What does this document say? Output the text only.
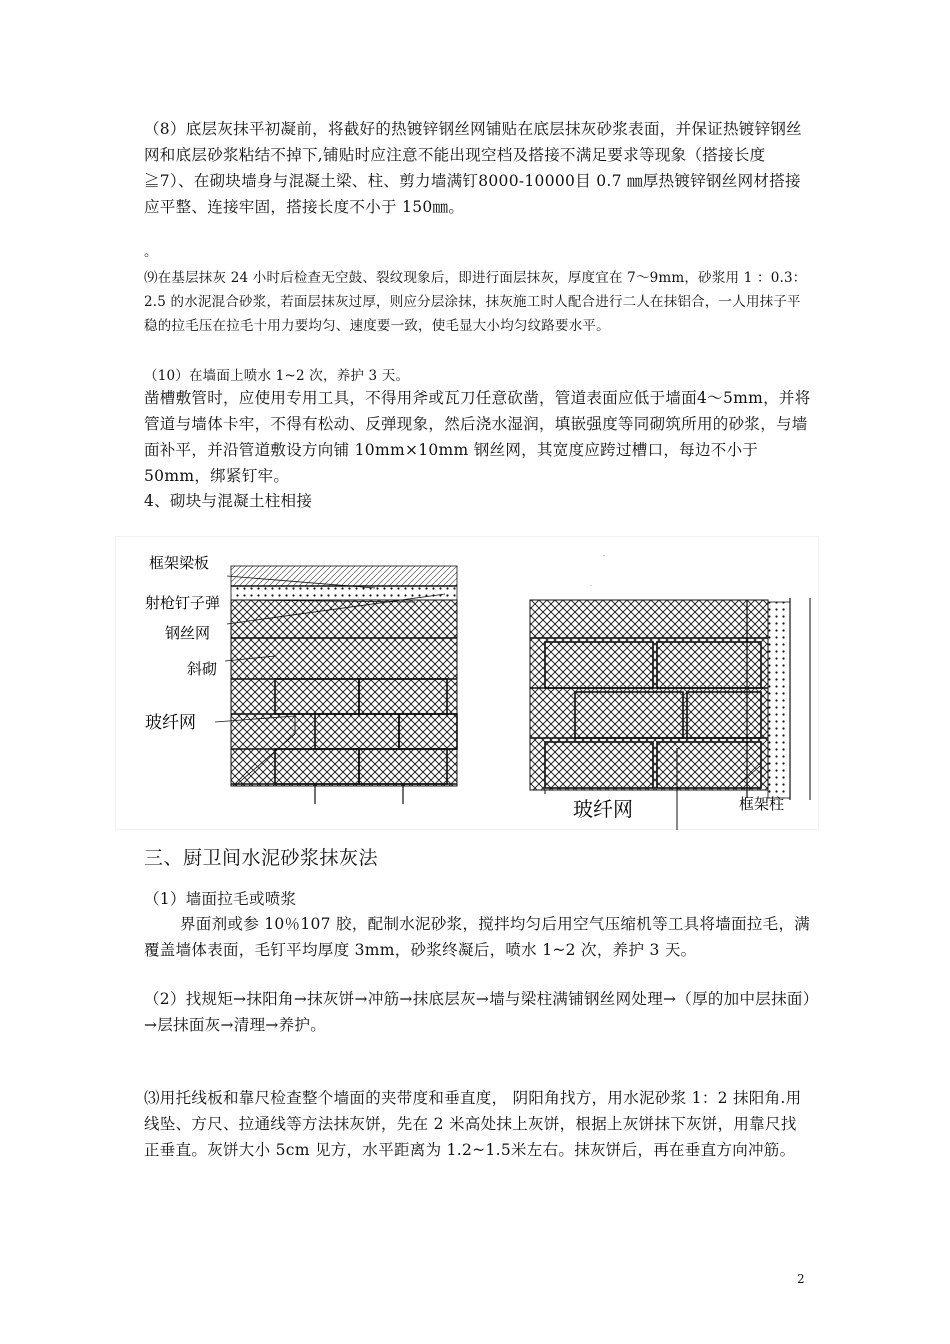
（8）底层灰抹平初凝前，将截好的热镀锌钢丝网铺贴在底层抹灰砂浆表面，并保证热镀锌钢丝网和底层砂浆粘结不掉下,铺贴时应注意不能出现空档及搭接不满足要求等现象（搭接长度≧7）、在砌块墙身与混凝土梁、柱、剪力墙满钉8000-10000目 0.7 ㎜厚热镀锌钢丝网材搭接应平整、连接牢固，搭接长度不小于 150㎜。

。

⑼在基层抹灰 24 小时后检查无空鼓、裂纹现象后，即进行面层抹灰，厚度宜在 7～9mm，砂浆用 1 ：0.3：2.5 的水泥混合砂浆，若面层抹灰过厚，则应分层涂抹，抹灰施工时人配合进行二人在抹铝合，一人用抹子平稳的拉毛压在拉毛十用力要均匀、速度要一致，使毛显大小均匀纹路要水平。

（10）在墙面上喷水 1~2 次，养护 3 天。

凿槽敷管时，应使用专用工具，不得用斧或瓦刀任意砍凿，管道表面应低于墙面4～5mm，并将管道与墙体卡牢，不得有松动、反弹现象，然后浇水湿润，填嵌强度等同砌筑所用的砂浆，与墙面补平，并沿管道敷设方向铺 10mm×10mm 钢丝网，其宽度应跨过槽口，每边不小于 50mm，绑紧钉牢。

4、砌块与混凝土柱相接

框架梁板
射枪钉子弹
钢丝网
斜砌
玻纤网
.
.
玻纤网	框架柱
三、厨卫间水泥砂浆抹灰法

（1）墙面拉毛或喷浆

界面剂或参 10％107 胶，配制水泥砂浆，搅拌均匀后用空气压缩机等工具将墙面拉毛，满覆盖墙体表面，毛钉平均厚度 3mm，砂浆终凝后，喷水 1~2 次，养护 3 天。

（2）找规矩→抹阳角→抹灰饼→冲筋→抹底层灰→墙与梁柱满铺钢丝网处理→（厚的加中层抹面）→层抹面灰→清理→养护。

⑶用托线板和靠尺检查整个墙面的夹带度和垂直度， 阴阳角找方，用水泥砂浆 1：2 抹阳角.用线坠、方尺、拉通线等方法抹灰饼，先在 2 米高处抹上灰饼，根据上灰饼抹下灰饼，用靠尺找正垂直。灰饼大小 5cm 见方，水平距离为 1.2~1.5米左右。抹灰饼后，再在垂直方向冲筋。

2
